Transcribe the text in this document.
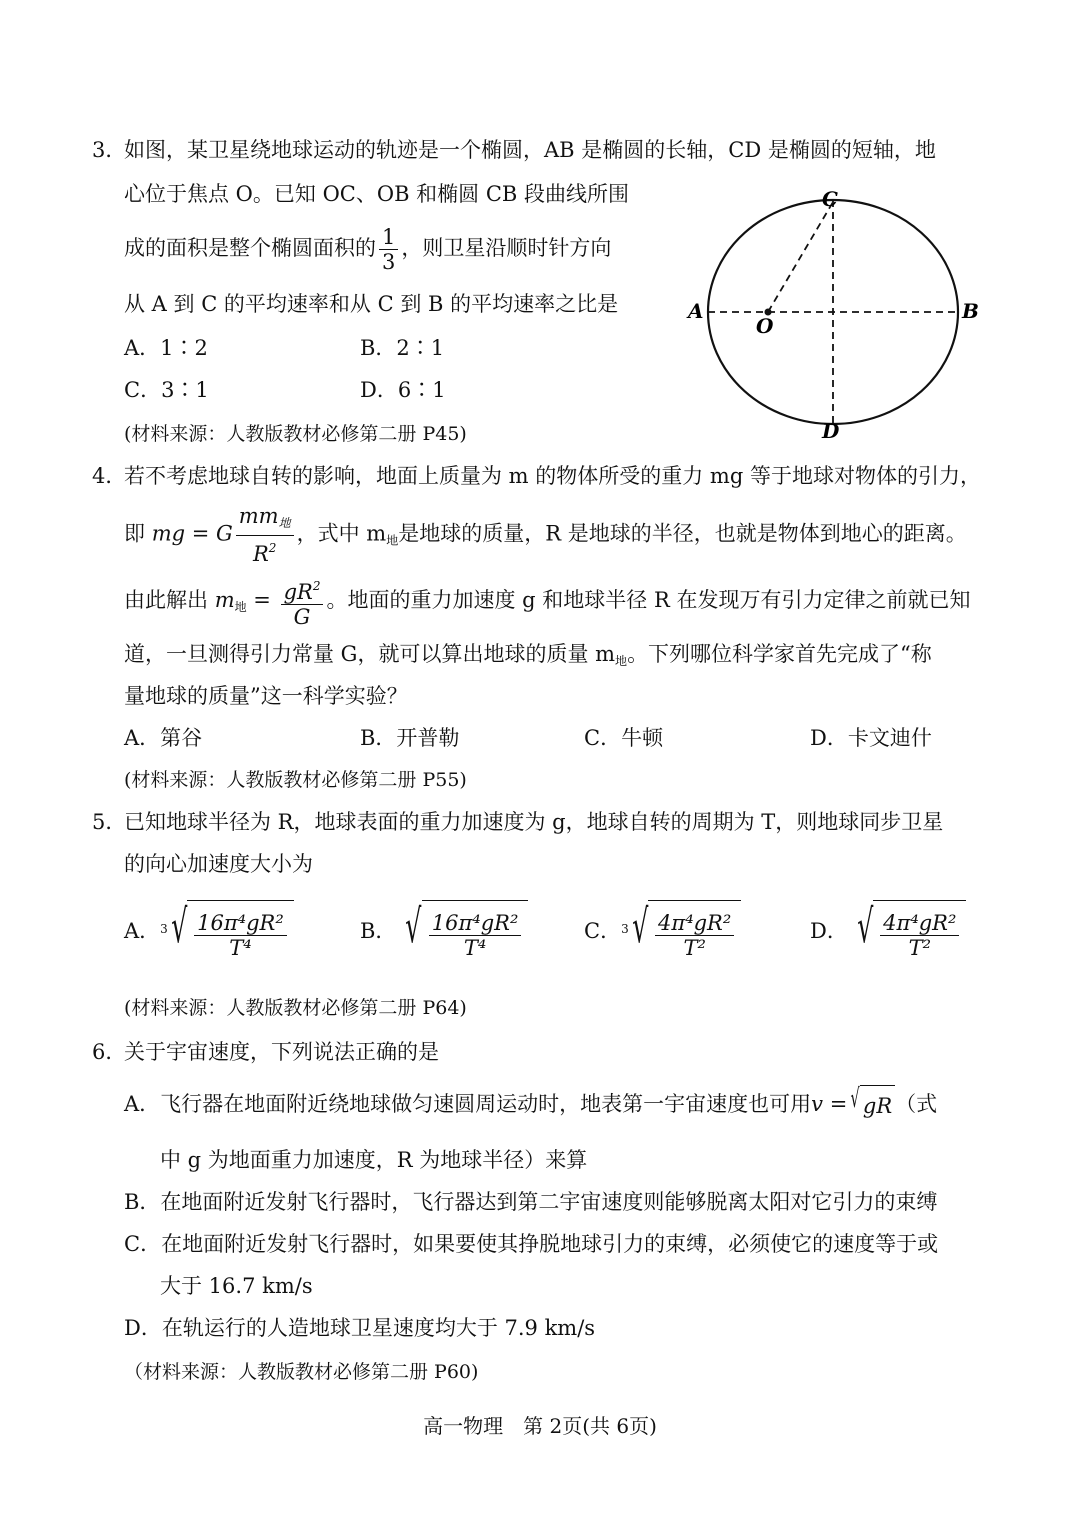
3．
如图，某卫星绕地球运动的轨迹是一个椭圆，AB 是椭圆的长轴，CD 是椭圆的短轴，地
心位于焦点 O。已知 OC、OB 和椭圆 CB 段曲线所围
成的面积是整个椭圆面积的 $\frac{1}{3}$ ，则卫星沿顺时针方向
从 A 到 C 的平均速率和从 C 到 B 的平均速率之比是
A．1∶2	B．2∶1
C．3∶1	D．6∶1
(材料来源：人教版教材必修第二册 P45)
A	B
C
D
O
4．
若不考虑地球自转的影响，地面上质量为 m 的物体所受的重力 mg 等于地球对物体的引力，
即 mg = G $\frac{mm_地}{R^2}$ ，式中 $m_地$是地球的质量，R 是地球的半径，也就是物体到地心的距离。
由此解出 $m_地 = \frac{gR^2}{G}$ 。地面的重力加速度 g 和地球半径 R 在发现万有引力定律之前就已知
道，一旦测得引力常量 G，就可以算出地球的质量 $m_地$。下列哪位科学家首先完成了“称
量地球的质量”这一科学实验？
A．第谷	B．开普勒	C．牛顿	D．卡文迪什
(材料来源：人教版教材必修第二册 P55)
5．
已知地球半径为 R，地球表面的重力加速度为 g，地球自转的周期为 T，则地球同步卫星
的向心加速度大小为
A． 3 √ $\frac{\text{16π⁴gR²}}{\text{T⁴}}$	B． √ $\frac{\text{16π⁴gR²}}{\text{T⁴}}$	C． 3 √ $\frac{\text{4π⁴gR²}}{\text{T²}}$	D． √ $\frac{\text{4π⁴gR²}}{\text{T²}}$
(材料来源：人教版教材必修第二册 P64)
6．
关于宇宙速度，下列说法正确的是
A．飞行器在地面附近绕地球做匀速圆周运动时，地表第一宇宙速度也可用v = √ gR （式
中 g 为地面重力加速度，R 为地球半径）来算
B．在地面附近发射飞行器时，飞行器达到第二宇宙速度则能够脱离太阳对它引力的束缚
C．在地面附近发射飞行器时，如果要使其挣脱地球引力的束缚，必须使它的速度等于或
大于 16.7 km/s
D．在轨运行的人造地球卫星速度均大于 7.9 km/s
（材料来源：人教版教材必修第二册 P60)
高一物理　第 2页(共 6页)
